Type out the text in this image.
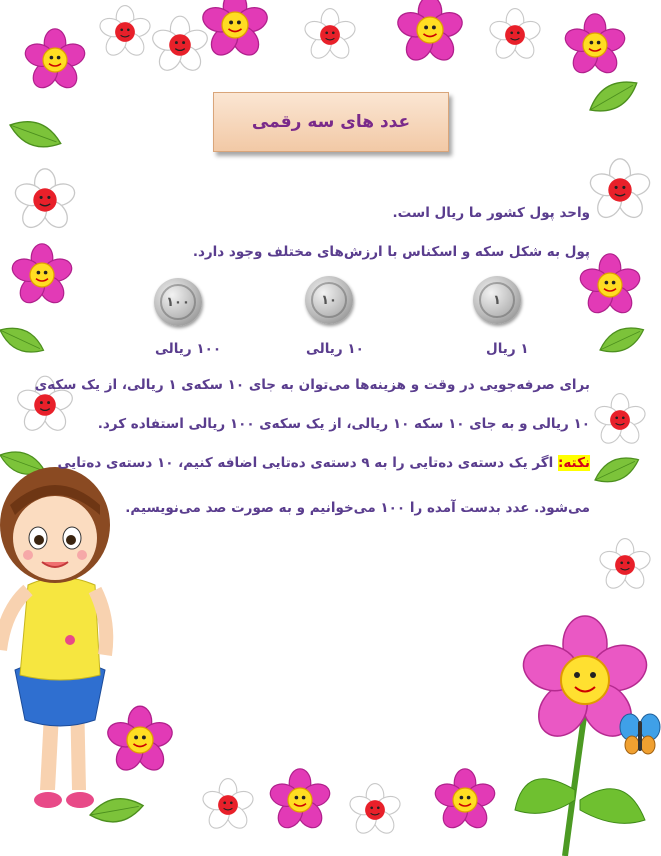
عدد های سه رقمی
واحد پول کشور ما ریال است.
پول به شکل سکه و اسکناس با ارزش‌های مختلف وجود دارد.
۱۰۰	۱۰	۱
۱۰۰ ریالی	۱۰ ریالی	۱ ریال
برای صرفه‌جویی در وقت و هزینه‌ها می‌توان به جای ۱۰ سکه‌ی ۱ ریالی، از یک سکه‌ی
۱۰ ریالی و به جای ۱۰ سکه ۱۰ ریالی، از یک سکه‌ی ۱۰۰ ریالی استفاده کرد.
نکته: اگر یک دسته‌ی ده‌تایی را به ۹ دسته‌ی ده‌تایی اضافه کنیم، ۱۰ دسته‌ی ده‌تایی
می‌شود. عدد بدست آمده را ۱۰۰ می‌خوانیم و به صورت صد می‌نویسیم.
